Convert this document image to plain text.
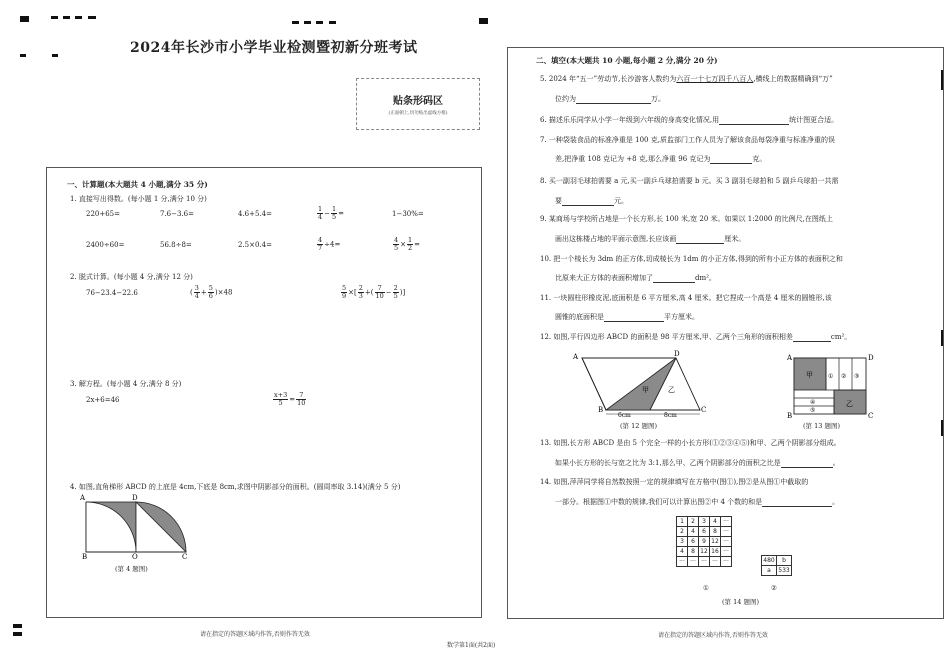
2024年长沙市小学毕业检测暨初新分班考试
贴条形码区
(正面朝上,切勿贴出虚线方框)
一、计算题(本大题共 4 小题,满分 35 分)
1. 直接写出得数。(每小题 1 分,满分 10 分)
220+65=	7.6−3.6=	4.6+5.4=	$\frac{1}{4} - \frac{1}{5}$ =	1−30%=
2400÷60=	56.8÷8=	2.5×0.4=	$\frac{4}{7} \div 4=$	$\frac{4}{5} \times \frac{1}{2}$ =
2. 脱式计算。(每小题 4 分,满分 12 分)
76−23.4−22.6	( $\frac{3}{4} + \frac{5}{6} )\times 48$	$\frac{5}{9}$ ×[ $\frac{2}{3}$ +( $\frac{7}{10} - \frac{2}{5}$ )]
3. 解方程。(每小题 4 分,满分 8 分)
2x+6=46	$\frac{x+3}{5} = \frac{7}{10}$
4. 如图,直角梯形 ABCD 的上底是 4cm,下底是 8cm,求图中阴影部分的面积。(圆周率取 3.14)(满分 5 分)
A	D
B	O	C
(第 4 题图)
请在指定的答题区域内作答,否则作答无效
二、填空(本大题共 10 小题,每小题 2 分,满分 20 分)
5. 2024 年“五一”劳动节,长沙游客人数约为六百一十七万四千八百人,横线上的数据精确到“万”
位约为	万。
6. 描述乐乐同学从小学一年级到六年级的身高变化情况,用	统计图更合适。
7. 一种袋装食品的标准净重是 100 克,质监部门工作人员为了解该食品每袋净重与标准净重的误
差,把净重 108 克记为 +8 克,那么净重 96 克记为	克。
8. 买一副羽毛球拍需要 a 元,买一副乒乓球拍需要 b 元。买 3 副羽毛球拍和 5 副乒乓球拍一共需
要	元。
9. 某商场与学校所占地是一个长方形,长 100 米,宽 20 米。如果以 1:2000 的比例尺,在图纸上
画出这栋楼占地的平面示意图,长应该画	厘米。
10. 把一个棱长为 3dm 的正方体,切成棱长为 1dm 的小正方体,得到的所有小正方体的表面积之和
比原来大正方体的表面积增加了	dm²。
11. 一块圆柱形橡皮泥,底面积是 6 平方厘米,高 4 厘米。把它捏成一个高是 4 厘米的圆锥形,该
圆锥的底面积是	平方厘米。
12. 如图,平行四边形 ABCD 的面积是 98 平方厘米,甲、乙两个三角形的面积相差	cm²。
A	D
B	C
甲	乙
6cm	8cm
(第 12 题图)
A	D
B	C
甲
乙
① ② ③
④
⑤
(第 13 题图)
13. 如图,长方形 ABCD 是由 5 个完全一样的小长方形(①②③④⑤)和甲、乙两个阴影部分组成。
如果小长方形的长与宽之比为 3:1,那么甲、乙两个阴影部分的面积之比是	。
14. 如图,萍萍同学将自然数按照一定的规律填写在方格中(图①),图②是从图①中截取的
一部分。根据图①中数的规律,我们可以计算出图②中 4 个数的和是	。
1	2	3	4	···
2	4	6	8	···
3	6	9	12	···
4	8	12	16	···
···	···	···	···	···
①
480	b
a	533
②
(第 14 题图)
请在指定的答题区域内作答,否则作答无效
数学第1面(共2面)
